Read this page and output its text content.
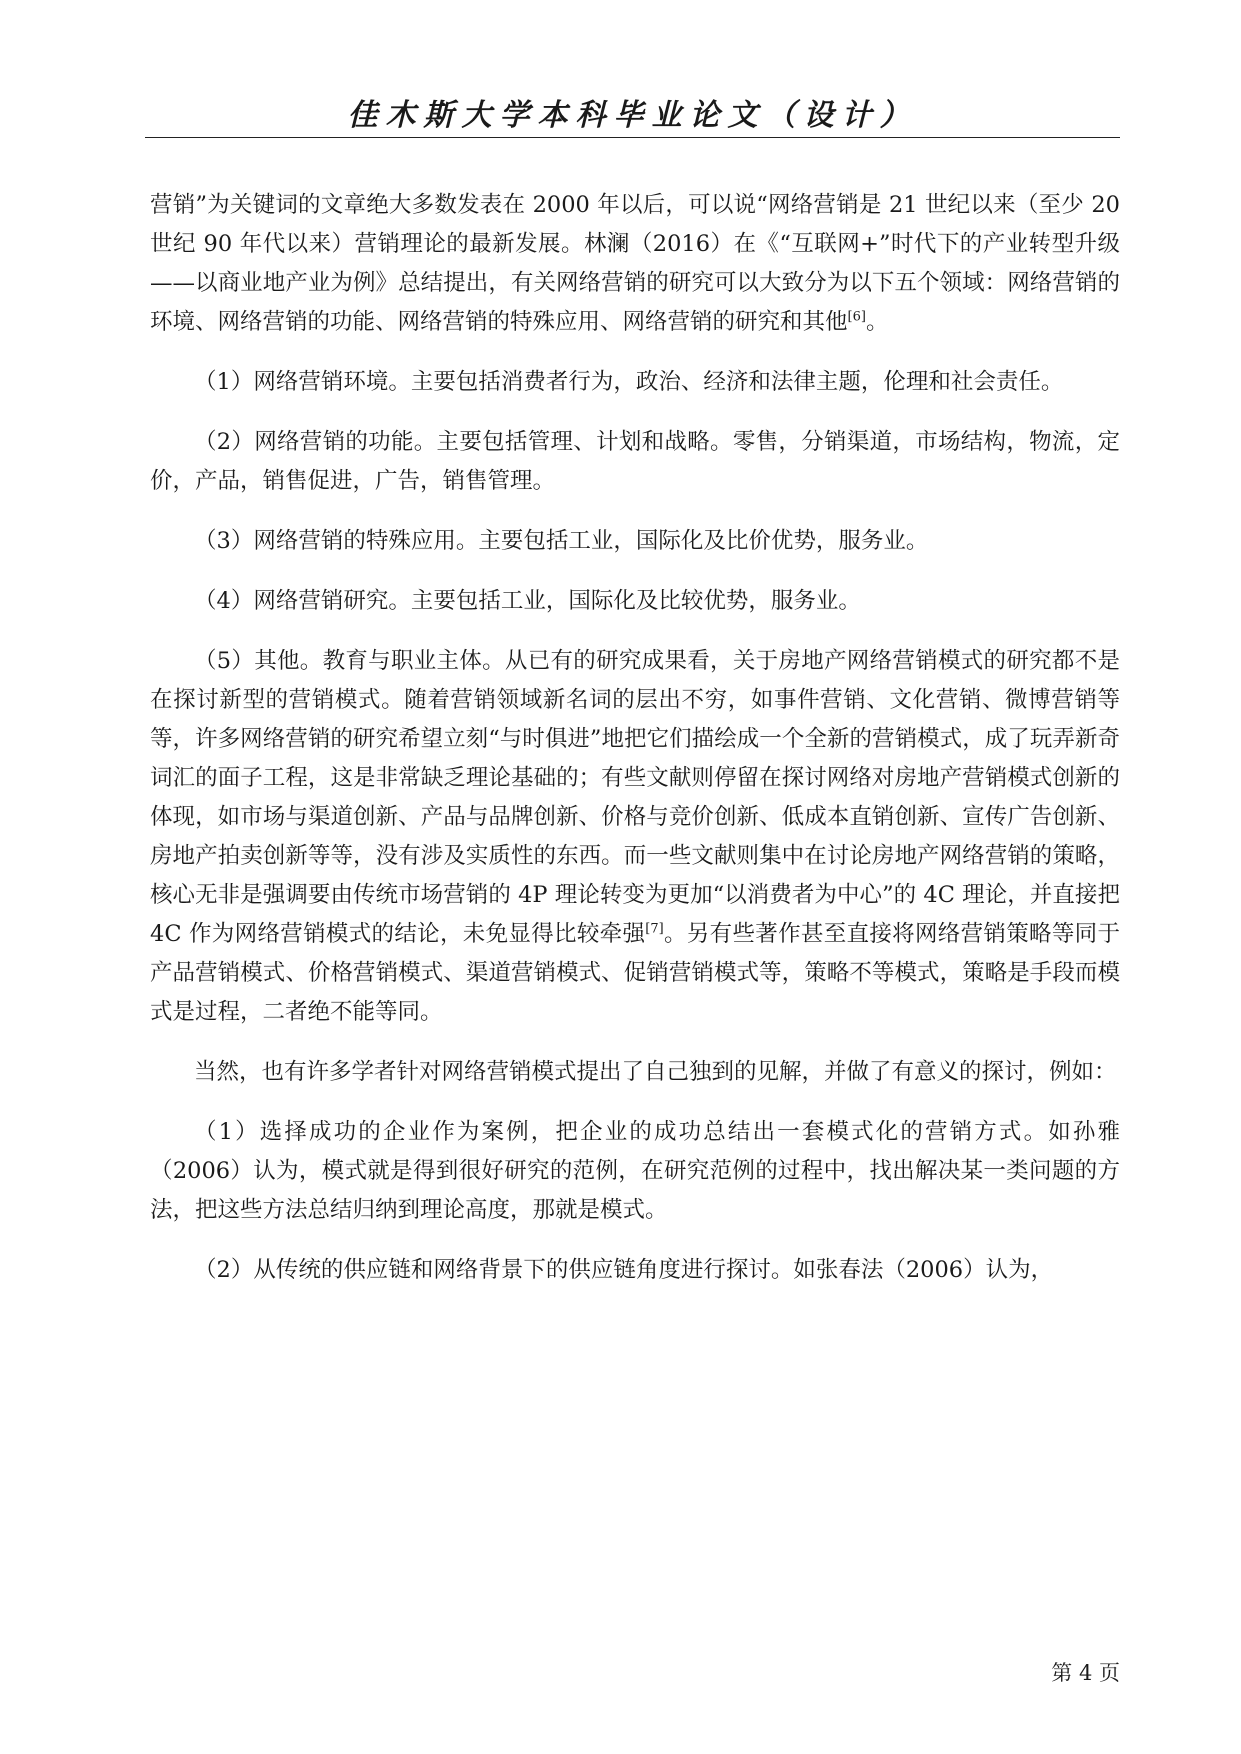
佳木斯大学本科毕业论文（设计）

营销”为关键词的文章绝大多数发表在 2000 年以后，可以说“网络营销是 21 世纪以来（至少 20 世纪 90 年代以来）营销理论的最新发展。林澜（2016）在《“互联网+”时代下的产业转型升级——以商业地产业为例》总结提出，有关网络营销的研究可以大致分为以下五个领域：网络营销的环境、网络营销的功能、网络营销的特殊应用、网络营销的研究和其他[6]。

（1）网络营销环境。主要包括消费者行为，政治、经济和法律主题，伦理和社会责任。

（2）网络营销的功能。主要包括管理、计划和战略。零售，分销渠道，市场结构，物流，定价，产品，销售促进，广告，销售管理。

（3）网络营销的特殊应用。主要包括工业，国际化及比价优势，服务业。

（4）网络营销研究。主要包括工业，国际化及比较优势，服务业。

（5）其他。教育与职业主体。从已有的研究成果看，关于房地产网络营销模式的研究都不是在探讨新型的营销模式。随着营销领域新名词的层出不穷，如事件营销、文化营销、微博营销等等，许多网络营销的研究希望立刻“与时俱进”地把它们描绘成一个全新的营销模式，成了玩弄新奇词汇的面子工程，这是非常缺乏理论基础的；有些文献则停留在探讨网络对房地产营销模式创新的体现，如市场与渠道创新、产品与品牌创新、价格与竞价创新、低成本直销创新、宣传广告创新、房地产拍卖创新等等，没有涉及实质性的东西。而一些文献则集中在讨论房地产网络营销的策略，核心无非是强调要由传统市场营销的 4P 理论转变为更加“以消费者为中心”的 4C 理论，并直接把 4C 作为网络营销模式的结论，未免显得比较牵强[7]。另有些著作甚至直接将网络营销策略等同于产品营销模式、价格营销模式、渠道营销模式、促销营销模式等，策略不等模式，策略是手段而模式是过程，二者绝不能等同。

当然，也有许多学者针对网络营销模式提出了自己独到的见解，并做了有意义的探讨，例如：

（1）选择成功的企业作为案例，把企业的成功总结出一套模式化的营销方式。如孙雅（2006）认为，模式就是得到很好研究的范例，在研究范例的过程中，找出解决某一类问题的方法，把这些方法总结归纳到理论高度，那就是模式。

（2）从传统的供应链和网络背景下的供应链角度进行探讨。如张春法（2006）认为，

第 4 页
